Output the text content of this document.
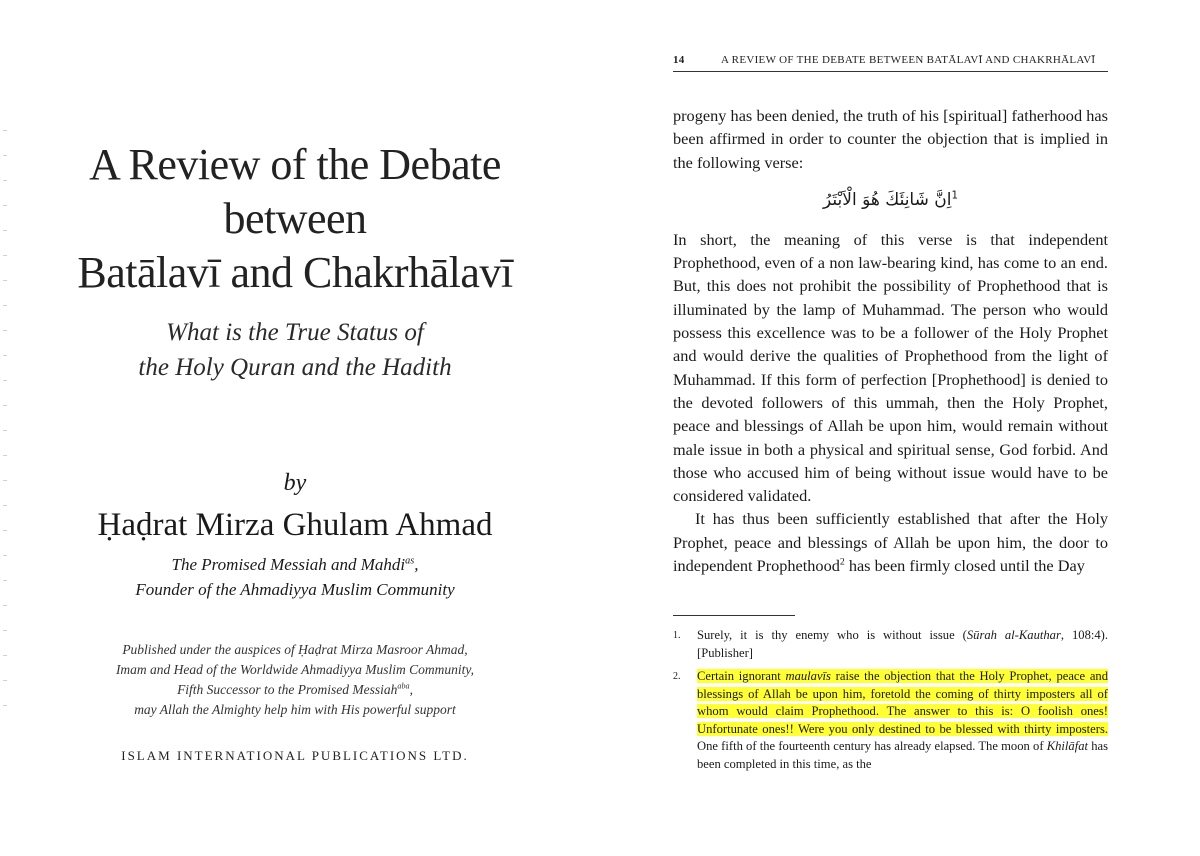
A Review of the Debate
between
Batālavī and Chakrhālavī
What is the True Status of
the Holy Quran and the Hadith
by
Ḥaḍrat Mirza Ghulam Ahmad
The Promised Messiah and Mahdi$^{as}$,
Founder of the Ahmadiyya Muslim Community
Published under the auspices of Ḥaḍrat Mirza Masroor Ahmad,
Imam and Head of the Worldwide Ahmadiyya Muslim Community,
Fifth Successor to the Promised Messiah$^{aba}$,
may Allah the Almighty help him with His powerful support
ISLAM INTERNATIONAL PUBLICATIONS LTD.
14	A REVIEW OF THE DEBATE BETWEEN BATĀLAVĪ AND CHAKRHĀLAVĪ

progeny has been denied, the truth of his [spiritual] fatherhood has been affirmed in order to counter the objection that is implied in the following verse:

اِنَّ شَانِئَكَ هُوَ الْاَبْتَرُ$^1$

In short, the meaning of this verse is that independent Prophethood, even of a non law-bearing kind, has come to an end. But, this does not prohibit the possibility of Prophethood that is illuminated by the lamp of Muhammad. The person who would possess this excellence was to be a follower of the Holy Prophet and would derive the qualities of Prophethood from the light of Muhammad. If this form of perfection [Prophethood] is denied to the devoted followers of this ummah, then the Holy Prophet, peace and blessings of Allah be upon him, would remain without male issue in both a physical and spiritual sense, God forbid. And those who accused him of being without issue would have to be considered validated.

It has thus been sufficiently established that after the Holy Prophet, peace and blessings of Allah be upon him, the door to independent Prophethood$^2$ has been firmly closed until the Day

1.	Surely, it is thy enemy who is without issue (Sūrah al-Kauthar, 108:4). [Publisher]
2.	Certain ignorant maulavīs raise the objection that the Holy Prophet, peace and blessings of Allah be upon him, foretold the coming of thirty imposters all of whom would claim Prophethood. The answer to this is: O foolish ones! Unfortunate ones!! Were you only destined to be blessed with thirty imposters. One fifth of the fourteenth century has already elapsed. The moon of Khilāfat has been completed in this time, as the
